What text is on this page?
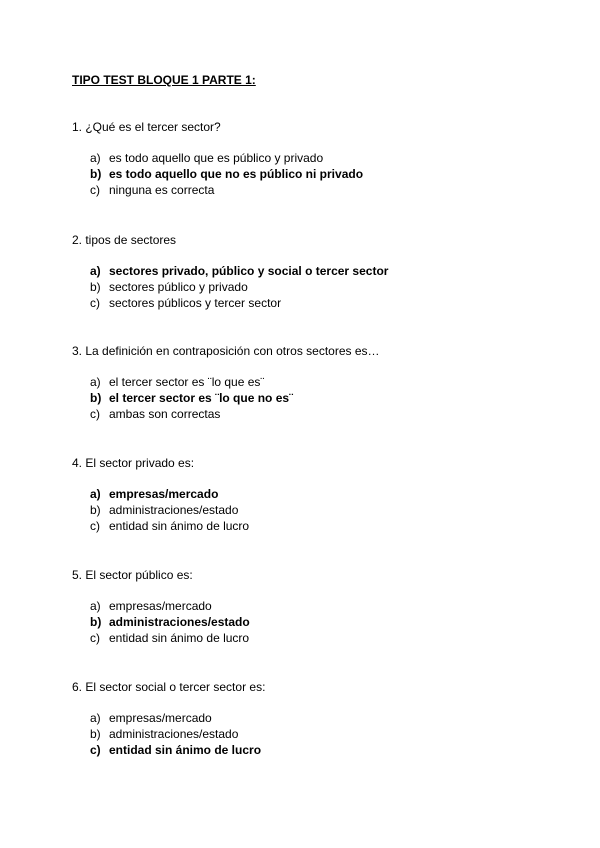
TIPO TEST BLOQUE 1 PARTE 1:
1. ¿Qué es el tercer sector?
a) es todo aquello que es público y privado
b) es todo aquello que no es público ni privado
c) ninguna es correcta
2. tipos de sectores
a) sectores privado, público y social o tercer sector
b) sectores público y privado
c) sectores públicos y tercer sector
3. La definición en contraposición con otros sectores es…
a) el tercer sector es ¨lo que es¨
b) el tercer sector es ¨lo que no es¨
c) ambas son correctas
4. El sector privado es:
a) empresas/mercado
b) administraciones/estado
c) entidad sin ánimo de lucro
5. El sector público es:
a) empresas/mercado
b) administraciones/estado
c) entidad sin ánimo de lucro
6. El sector social o tercer sector es:
a) empresas/mercado
b) administraciones/estado
c) entidad sin ánimo de lucro
